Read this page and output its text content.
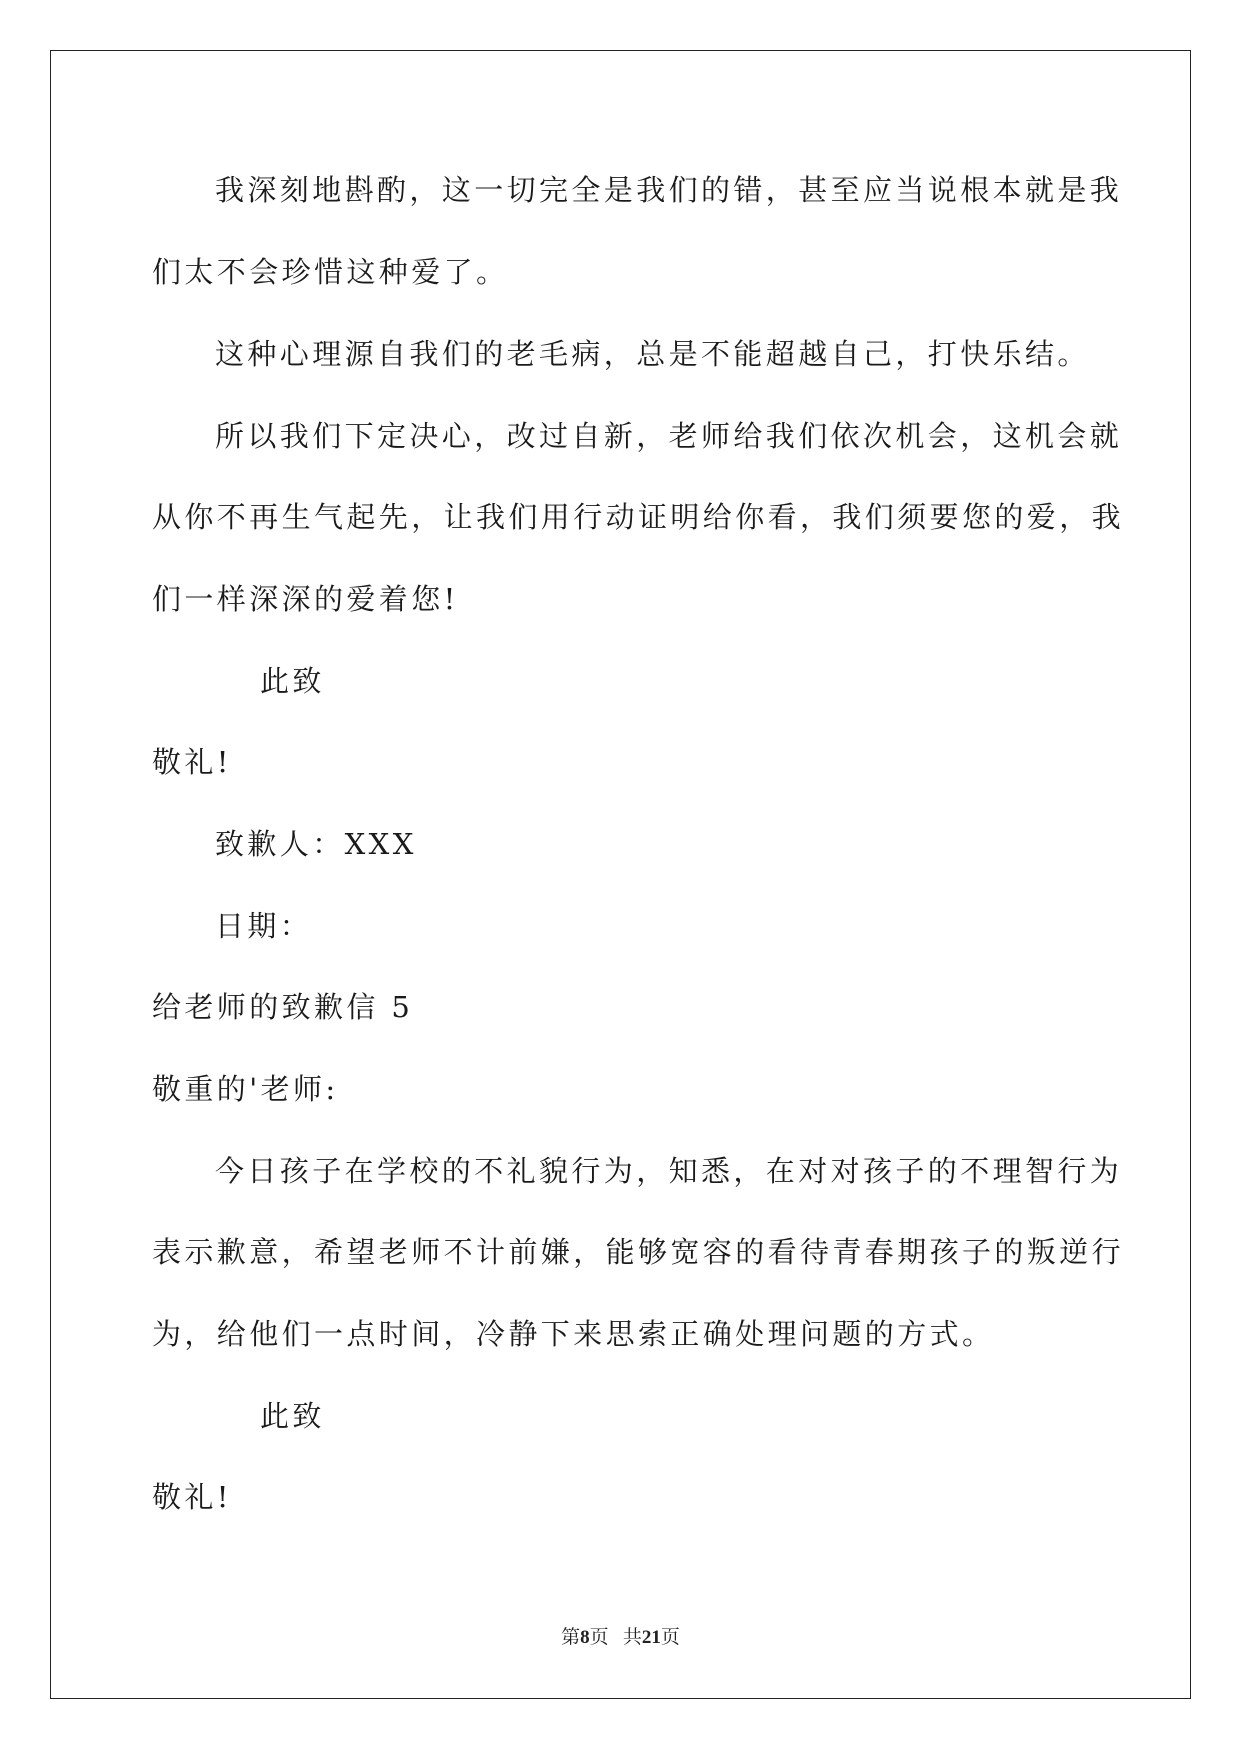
我深刻地斟酌，这一切完全是我们的错，甚至应当说根本就是我
们太不会珍惜这种爱了。
这种心理源自我们的老毛病，总是不能超越自己，打快乐结。
所以我们下定决心，改过自新，老师给我们依次机会，这机会就
从你不再生气起先，让我们用行动证明给你看，我们须要您的爱，我
们一样深深的爱着您!
此致
敬礼!
致歉人：XXX
日期：
给老师的致歉信 5
敬重的'老师:
今日孩子在学校的不礼貌行为，知悉，在对对孩子的不理智行为
表示歉意，希望老师不计前嫌，能够宽容的看待青春期孩子的叛逆行
为，给他们一点时间，冷静下来思索正确处理问题的方式。
此致
敬礼!
第8页   共21页
